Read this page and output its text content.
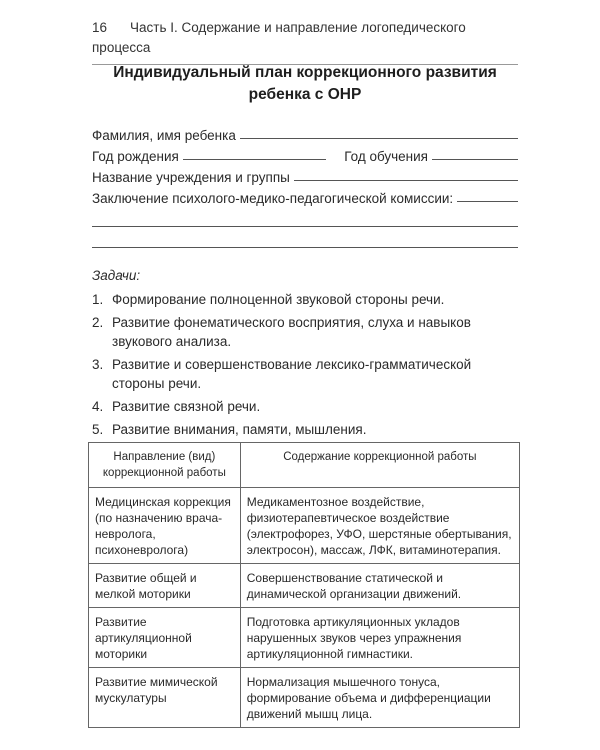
16 Часть I. Содержание и направление логопедического процесса
Индивидуальный план коррекционного развития
ребенка с ОНР
Фамилия, имя ребенка
Год рождения	Год обучения
Название учреждения и группы
Заключение психолого-медико-педагогической комиссии:
Задачи:
1. Формирование полноценной звуковой стороны речи.
2. Развитие фонематического восприятия, слуха и навыков звукового анализа.
3. Развитие и совершенствование лексико-грамматической стороны речи.
4. Развитие связной речи.
5. Развитие внимания, памяти, мышления.
Направление (вид)
коррекционной работы	Содержание коррекционной работы
Медицинская коррекция (по назначению врача-невролога, психоневролога)	Медикаментозное воздействие, физиотерапевтическое воздействие (электрофорез, УФО, шерстяные обертывания, электросон), массаж, ЛФК, витаминотерапия.
Развитие общей и мелкой моторики	Совершенствование статической и динамической организации движений.
Развитие артикуляционной моторики	Подготовка артикуляционных укладов нарушенных звуков через упражнения артикуляционной гимнастики.
Развитие мимической мускулатуры	Нормализация мышечного тонуса, формирование объема и дифференциации движений мышц лица.
